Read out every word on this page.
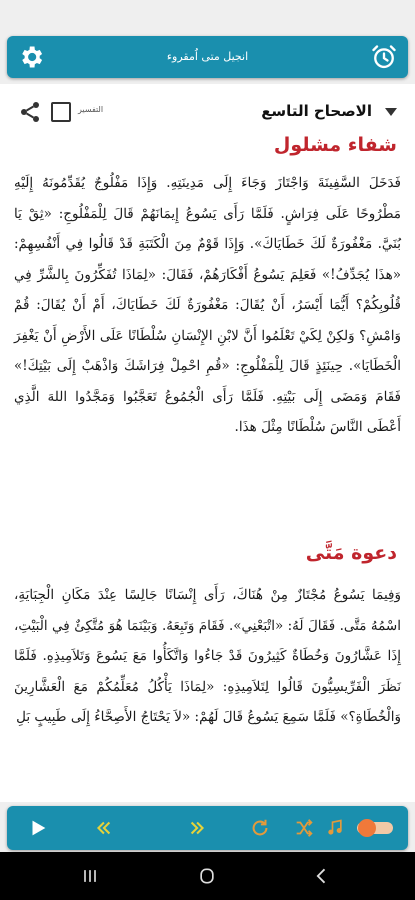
انجيل متى اُمقروء
التفسير	الاصحاح التاسع
شفاء مشلول
فَدَخَلَ السَّفِينَةَ وَاجْتَازَ وَجَاءَ إِلَى مَدِينَتِهِ. وَإِذَا مَفْلُوجٌ يُقَدِّمُونَهُ إِلَيْهِ مَطْرُوحًا عَلَى فِرَاشٍ. فَلَمَّا رَأَى يَسُوعُ إِيمَانَهُمْ قَالَ لِلْمَفْلُوجِ: «ثِقْ يَا بُنَيَّ. مَغْفُورَةٌ لَكَ خَطَايَاكَ». وَإِذَا قَوْمٌ مِنَ الْكَتَبَةِ قَدْ قَالُوا فِي أَنْفُسِهِمْ: «هذَا يُجَدِّفُ!» فَعَلِمَ يَسُوعُ أَفْكَارَهُمْ، فَقَالَ: «لِمَاذَا تُفَكِّرُونَ بِالشَّرِّ فِي قُلُوبِكُمْ؟ أَيُّمَا أَيْسَرُ، أَنْ يُقَالَ: مَغْفُورَةٌ لَكَ خَطَايَاكَ، أَمْ أَنْ يُقَالَ: قُمْ وَامْشِ؟ وَلكِنْ لِكَيْ تَعْلَمُوا أَنَّ لابْنِ الإِنْسَانِ سُلْطَانًا عَلَى الأَرْضِ أَنْ يَغْفِرَ الْخَطَايَا». حِينَئِذٍ قَالَ لِلْمَفْلُوجِ: «قُمِ احْمِلْ فِرَاشَكَ وَاذْهَبْ إِلَى بَيْتِكَ!» فَقَامَ وَمَضَى إِلَى بَيْتِهِ. فَلَمَّا رَأَى الْجُمُوعُ تَعَجَّبُوا وَمَجَّدُوا اللهَ الَّذِي أَعْطَى النَّاسَ سُلْطَانًا مِثْلَ هذَا.
دعوة مَتَّى
وَفِيمَا يَسُوعُ مُجْتَازٌ مِنْ هُنَاكَ، رَأَى إِنْسَانًا جَالِسًا عِنْدَ مَكَانِ الْجِبَايَةِ، اسْمُهُ مَتَّى. فَقَالَ لَهُ: «اتْبَعْنِي». فَقَامَ وَتَبِعَهُ. وَبَيْنَمَا هُوَ مُتَّكِئٌ فِي الْبَيْتِ، إِذَا عَشَّارُونَ وَخُطَاةٌ كَثِيرُونَ قَدْ جَاءُوا وَاتَّكَأُوا مَعَ يَسُوعَ وَتَلاَمِيذِهِ. فَلَمَّا نَظَرَ الْفَرِّيسِيُّونَ قَالُوا لِتَلاَمِيذِهِ: «لِمَاذَا يَأْكُلُ مُعَلِّمُكُمْ مَعَ الْعَشَّارِينَ وَالْخُطَاةِ؟» فَلَمَّا سَمِعَ يَسُوعُ قَالَ لَهُمْ: «لاَ يَحْتَاجُ الأَصِحَّاءُ إِلَى طَبِيبٍ بَلِ
